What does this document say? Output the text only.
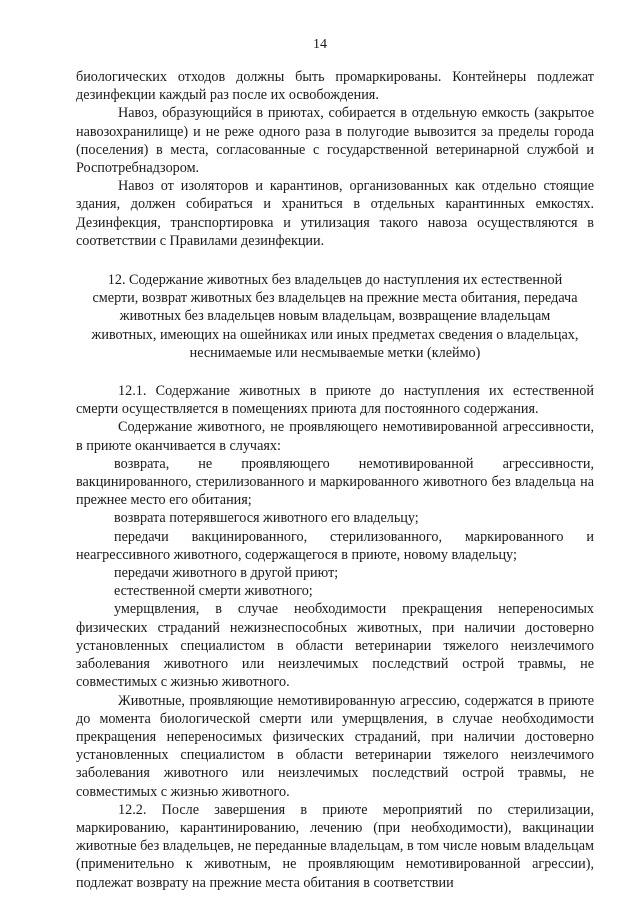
14

биологических отходов должны быть промаркированы. Контейнеры подлежат дезинфекции каждый раз после их освобождения.

Навоз, образующийся в приютах, собирается в отдельную емкость (закрытое навозохранилище) и не реже одного раза в полугодие вывозится за пределы города (поселения) в места, согласованные с государственной ветеринарной службой и Роспотребнадзором.

Навоз от изоляторов и карантинов, организованных как отдельно стоящие здания, должен собираться и храниться в отдельных карантинных емкостях. Дезинфекция, транспортировка и утилизация такого навоза осуществляются в соответствии с Правилами дезинфекции.

12. Содержание животных без владельцев до наступления их естественной

смерти, возврат животных без владельцев на прежние места обитания, передача

животных без владельцев новым владельцам, возвращение владельцам

животных, имеющих на ошейниках или иных предметах сведения о владельцах,

неснимаемые или несмываемые метки (клеймо)

12.1. Содержание животных в приюте до наступления их естественной смерти осуществляется в помещениях приюта для постоянного содержания.

Содержание животного, не проявляющего немотивированной агрессивности, в приюте оканчивается в случаях:

возврата, не проявляющего немотивированной агрессивности, вакцинированного, стерилизованного и маркированного животного без владельца на прежнее место его обитания;

возврата потерявшегося животного его владельцу;

передачи вакцинированного, стерилизованного, маркированного и неагрессивного животного, содержащегося в приюте, новому владельцу;

передачи животного в другой приют;

естественной смерти животного;

умерщвления, в случае необходимости прекращения непереносимых физических страданий нежизнеспособных животных, при наличии достоверно установленных специалистом в области ветеринарии тяжелого неизлечимого заболевания животного или неизлечимых последствий острой травмы, не совместимых с жизнью животного.

Животные, проявляющие немотивированную агрессию, содержатся в приюте до момента биологической смерти или умерщвления, в случае необходимости прекращения непереносимых физических страданий, при наличии достоверно установленных специалистом в области ветеринарии тяжелого неизлечимого заболевания животного или неизлечимых последствий острой травмы, не совместимых с жизнью животного.

12.2. После завершения в приюте мероприятий по стерилизации, маркированию, карантинированию, лечению (при необходимости), вакцинации животные без владельцев, не переданные владельцам, в том числе новым владельцам (применительно к животным, не проявляющим немотивированной агрессии), подлежат возврату на прежние места обитания в соответствии
